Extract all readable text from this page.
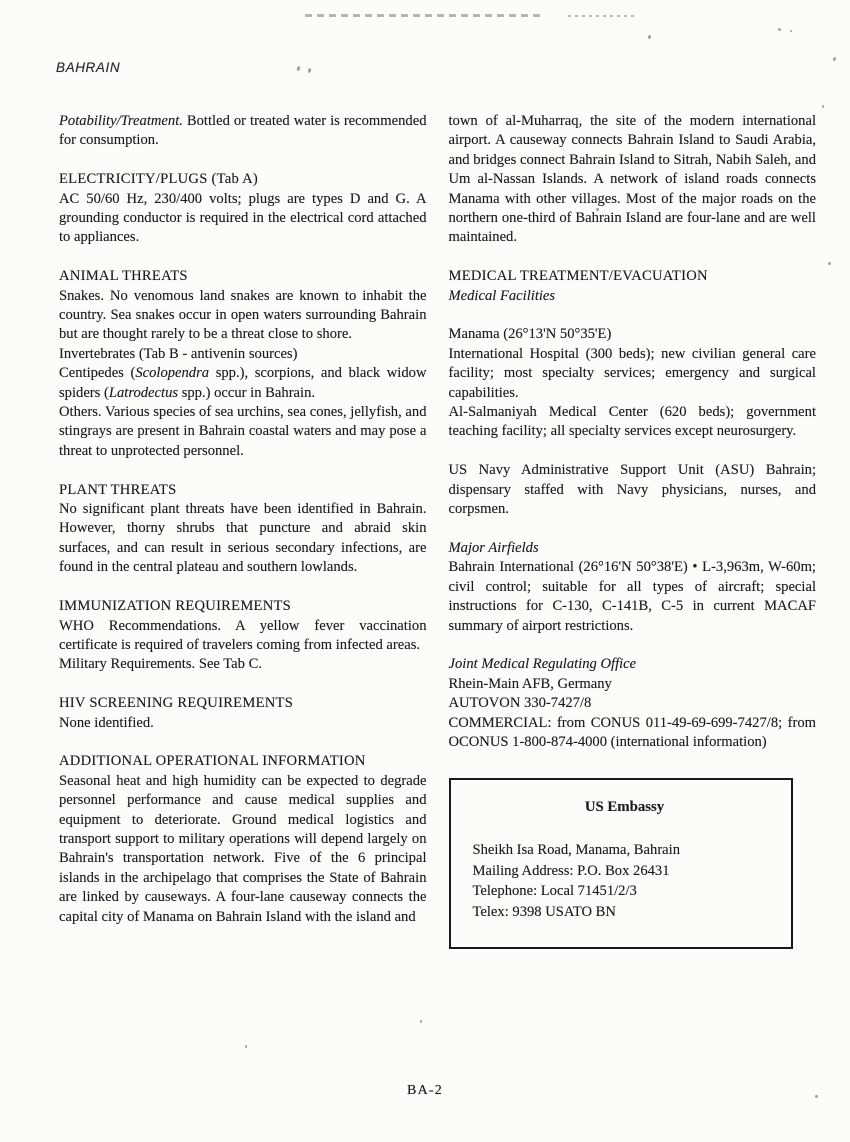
BAHRAIN
Potability/Treatment. Bottled or treated water is recommended for consumption.
ELECTRICITY/PLUGS (Tab A)
AC 50/60 Hz, 230/400 volts; plugs are types D and G. A grounding conductor is required in the electrical cord attached to appliances.
ANIMAL THREATS
Snakes. No venomous land snakes are known to inhabit the country. Sea snakes occur in open waters surrounding Bahrain but are thought rarely to be a threat close to shore.
Invertebrates (Tab B - antivenin sources)
Centipedes (Scolopendra spp.), scorpions, and black widow spiders (Latrodectus spp.) occur in Bahrain.
Others. Various species of sea urchins, sea cones, jellyfish, and stingrays are present in Bahrain coastal waters and may pose a threat to unprotected personnel.
PLANT THREATS
No significant plant threats have been identified in Bahrain. However, thorny shrubs that puncture and abraid skin surfaces, and can result in serious secondary infections, are found in the central plateau and southern lowlands.
IMMUNIZATION REQUIREMENTS
WHO Recommendations. A yellow fever vaccination certificate is required of travelers coming from infected areas.
Military Requirements. See Tab C.
HIV SCREENING REQUIREMENTS
None identified.
ADDITIONAL OPERATIONAL INFORMATION
Seasonal heat and high humidity can be expected to degrade personnel performance and cause medical supplies and equipment to deteriorate. Ground medical logistics and transport support to military operations will depend largely on Bahrain's transportation network. Five of the 6 principal islands in the archipelago that comprises the State of Bahrain are linked by causeways. A four-lane causeway connects the capital city of Manama on Bahrain Island with the island and
town of al-Muharraq, the site of the modern international airport. A causeway connects Bahrain Island to Saudi Arabia, and bridges connect Bahrain Island to Sitrah, Nabih Saleh, and Um al-Nassan Islands. A network of island roads connects Manama with other villages. Most of the major roads on the northern one-third of Bahrain Island are four-lane and are well maintained.
MEDICAL TREATMENT/EVACUATION
Medical Facilities
Manama (26°13'N 50°35'E)
International Hospital (300 beds); new civilian general care facility; most specialty services; emergency and surgical capabilities.
Al-Salmaniyah Medical Center (620 beds); government teaching facility; all specialty services except neurosurgery.
US Navy Administrative Support Unit (ASU) Bahrain; dispensary staffed with Navy physicians, nurses, and corpsmen.
Major Airfields
Bahrain International (26°16'N 50°38'E) • L-3,963m, W-60m; civil control; suitable for all types of aircraft; special instructions for C-130, C-141B, C-5 in current MACAF summary of airport restrictions.
Joint Medical Regulating Office
Rhein-Main AFB, Germany
AUTOVON 330-7427/8
COMMERCIAL: from CONUS 011-49-69-699-7427/8; from OCONUS 1-800-874-4000 (international information)
US Embassy
Sheikh Isa Road, Manama, Bahrain
Mailing Address: P.O. Box 26431
Telephone: Local 71451/2/3
Telex: 9398 USATO BN
BA-2
